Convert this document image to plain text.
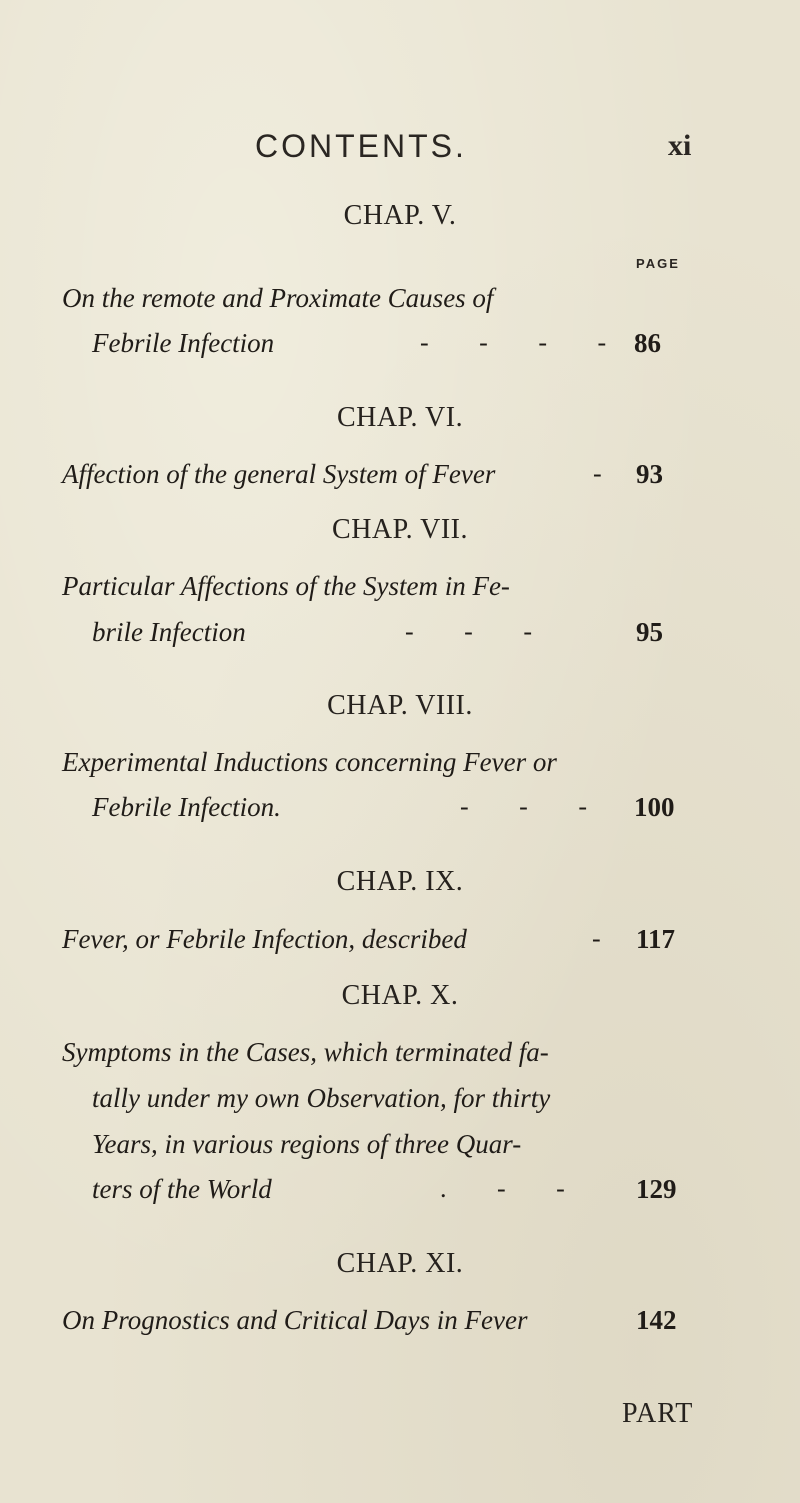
CONTENTS.	xi
CHAP. V.
PAGE
On the remote and Proximate Causes of
Febrile Infection	- - - - 86
CHAP. VI.
Affection of the general System of Fever	- 93
CHAP. VII.
Particular Affections of the System in Fe-
brile Infection	- - -	95
CHAP. VIII.
Experimental Inductions concerning Fever or
Febrile Infection.	- - - 100
CHAP. IX.
Fever, or Febrile Infection, described	- 117
CHAP. X.
Symptoms in the Cases, which terminated fa-
tally under my own Observation, for thirty
Years, in various regions of three Quar-
ters of the World	. - - 129
CHAP. XI.
On Prognostics and Critical Days in Fever	142
PART
